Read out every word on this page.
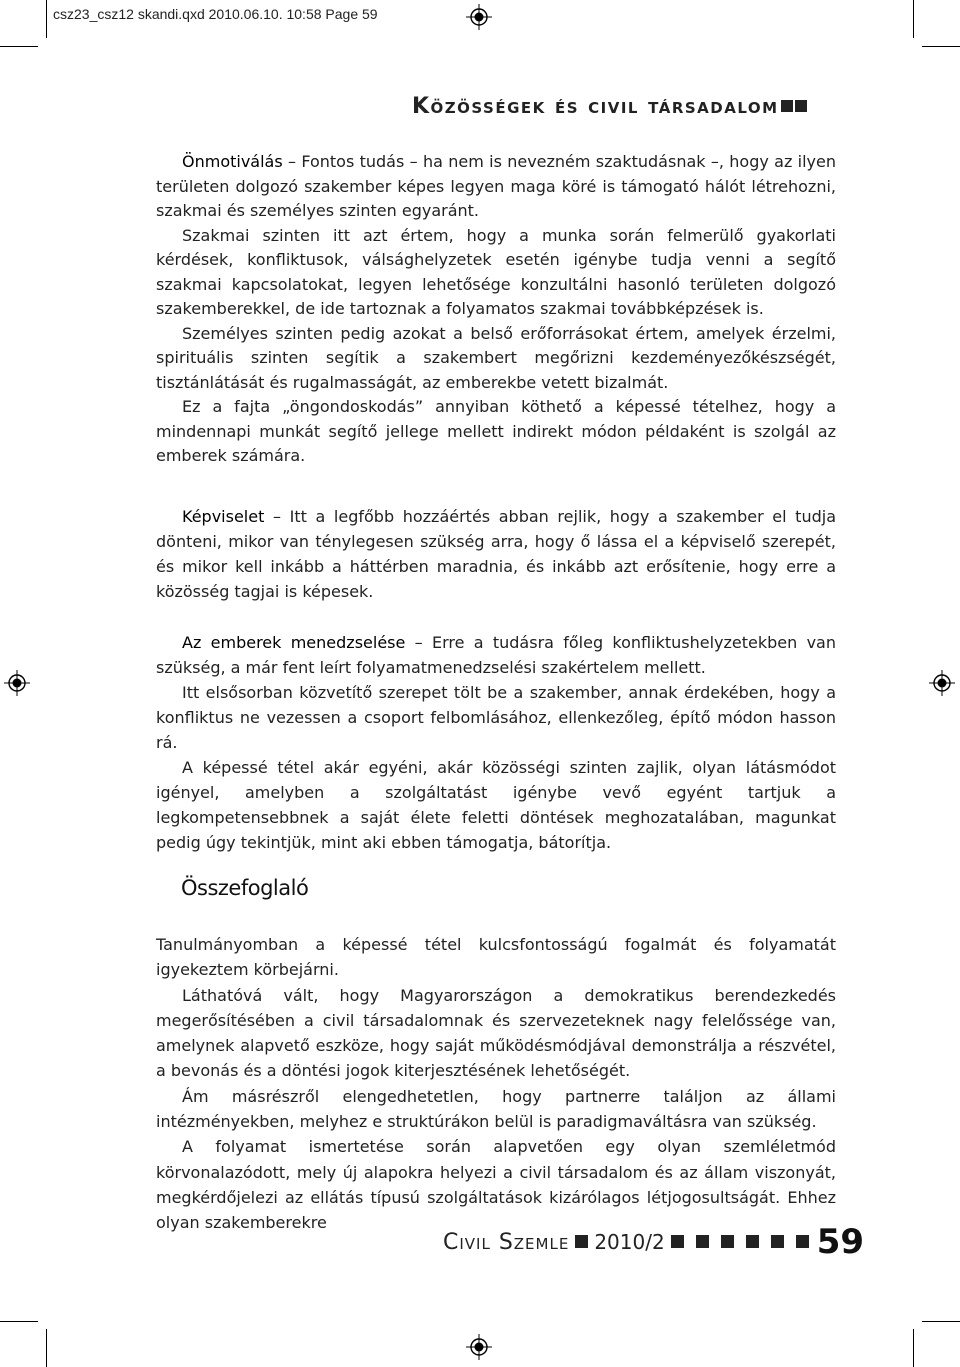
csz23_csz12 skandi.qxd 2010.06.10. 10:58 Page 59
Közösségek és civil társadalom

Önmotiválás – Fontos tudás – ha nem is nevezném szaktudásnak –, hogy az ilyen területen dolgozó szakember képes legyen maga köré is támogató hálót létrehozni, szakmai és személyes szinten egyaránt.

Szakmai szinten itt azt értem, hogy a munka során felmerülő gyakorlati kérdések, konfliktusok, válsághelyzetek esetén igénybe tudja venni a segítő szakmai kapcsolatokat, legyen lehetősége konzultálni hasonló területen dolgozó szakemberekkel, de ide tartoznak a folyamatos szakmai továbbképzések is.

Személyes szinten pedig azokat a belső erőforrásokat értem, amelyek érzelmi, spirituális szinten segítik a szakembert megőrizni kezdeményezőkészségét, tisztánlátását és rugalmasságát, az emberekbe vetett bizalmát.

Ez a fajta „öngondoskodás” annyiban köthető a képessé tételhez, hogy a mindennapi munkát segítő jellege mellett indirekt módon példaként is szolgál az emberek számára.

Képviselet – Itt a legfőbb hozzáértés abban rejlik, hogy a szakember el tudja dönteni, mikor van ténylegesen szükség arra, hogy ő lássa el a képviselő szerepét, és mikor kell inkább a háttérben maradnia, és inkább azt erősítenie, hogy erre a közösség tagjai is képesek.

Az emberek menedzselése – Erre a tudásra főleg konfliktushelyzetekben van szükség, a már fent leírt folyamatmenedzselési szakértelem mellett.

Itt elsősorban közvetítő szerepet tölt be a szakember, annak érdekében, hogy a konfliktus ne vezessen a csoport felbomlásához, ellenkezőleg, építő módon hasson rá.

A képessé tétel akár egyéni, akár közösségi szinten zajlik, olyan látásmódot igényel, amelyben a szolgáltatást igénybe vevő egyént tartjuk a legkompetensebbnek a saját élete feletti döntések meghozatalában, magunkat pedig úgy tekintjük, mint aki ebben támogatja, bátorítja.

Összefoglaló

Tanulmányomban a képessé tétel kulcsfontosságú fogalmát és folyamatát igyekeztem körbejárni.

Láthatóvá vált, hogy Magyarországon a demokratikus berendezkedés megerősítésében a civil társadalomnak és szervezeteknek nagy felelőssége van, amelynek alapvető eszköze, hogy saját működésmódjával demonstrálja a részvétel, a bevonás és a döntési jogok kiterjesztésének lehetőségét.

Ám másrészről elengedhetetlen, hogy partnerre találjon az állami intézményekben, melyhez e struktúrákon belül is paradigmaváltásra van szükség.

A folyamat ismertetése során alapvetően egy olyan szemléletmód körvonalazódott, mely új alapokra helyezi a civil társadalom és az állam viszonyát, megkérdőjelezi az ellátás típusú szolgáltatások kizárólagos létjogosultságát. Ehhez olyan szakemberekre

Civil Szemle 2010/2	59
